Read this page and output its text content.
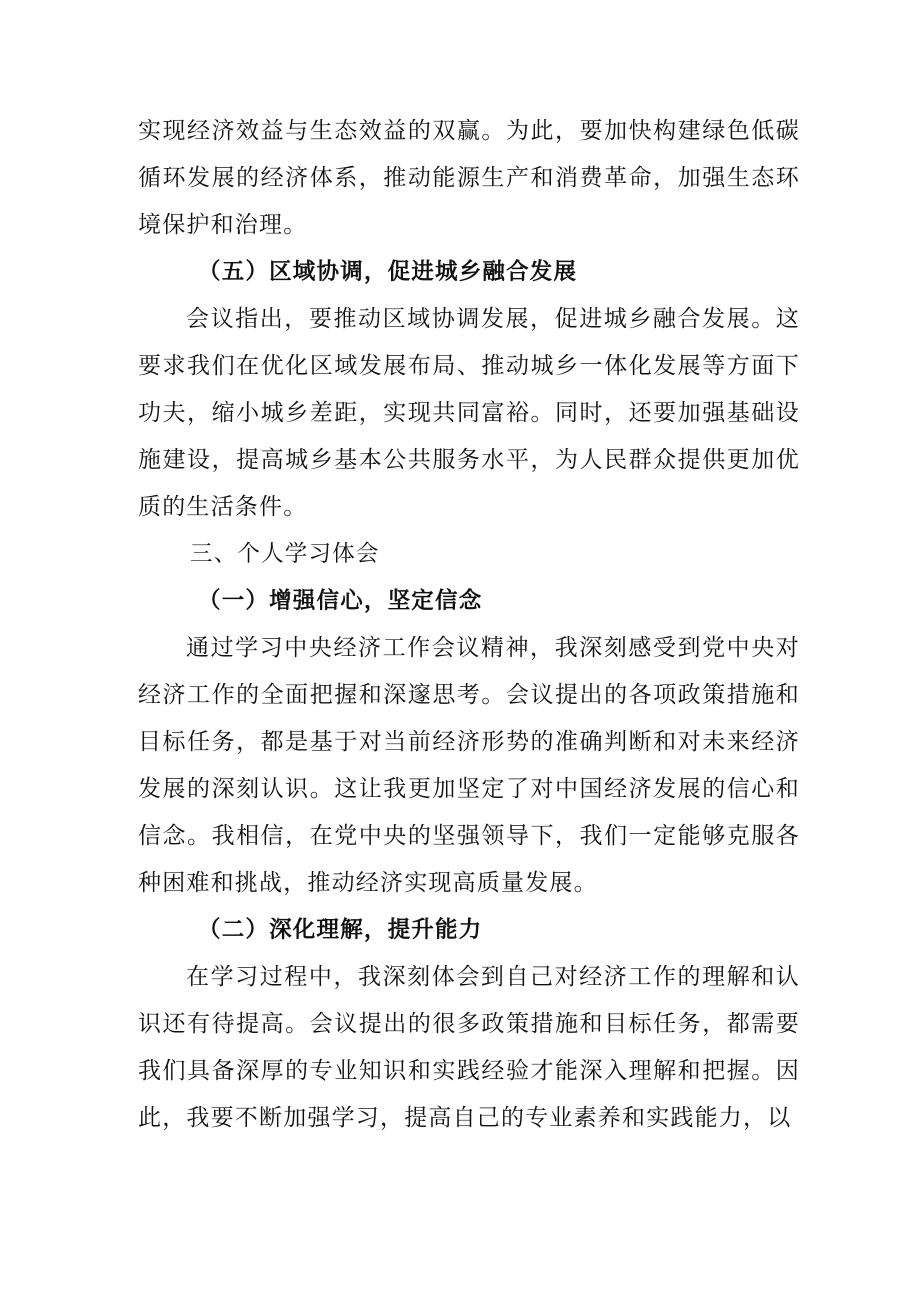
实现经济效益与生态效益的双赢。为此，要加快构建绿色低碳循环发展的经济体系，推动能源生产和消费革命，加强生态环境保护和治理。

（五）区域协调，促进城乡融合发展

会议指出，要推动区域协调发展，促进城乡融合发展。这要求我们在优化区域发展布局、推动城乡一体化发展等方面下功夫，缩小城乡差距，实现共同富裕。同时，还要加强基础设施建设，提高城乡基本公共服务水平，为人民群众提供更加优质的生活条件。

三、个人学习体会

（一）增强信心，坚定信念

通过学习中央经济工作会议精神，我深刻感受到党中央对经济工作的全面把握和深邃思考。会议提出的各项政策措施和目标任务，都是基于对当前经济形势的准确判断和对未来经济发展的深刻认识。这让我更加坚定了对中国经济发展的信心和信念。我相信，在党中央的坚强领导下，我们一定能够克服各种困难和挑战，推动经济实现高质量发展。

（二）深化理解，提升能力

在学习过程中，我深刻体会到自己对经济工作的理解和认识还有待提高。会议提出的很多政策措施和目标任务，都需要我们具备深厚的专业知识和实践经验才能深入理解和把握。因此，我要不断加强学习，提高自己的专业素养和实践能力，以
